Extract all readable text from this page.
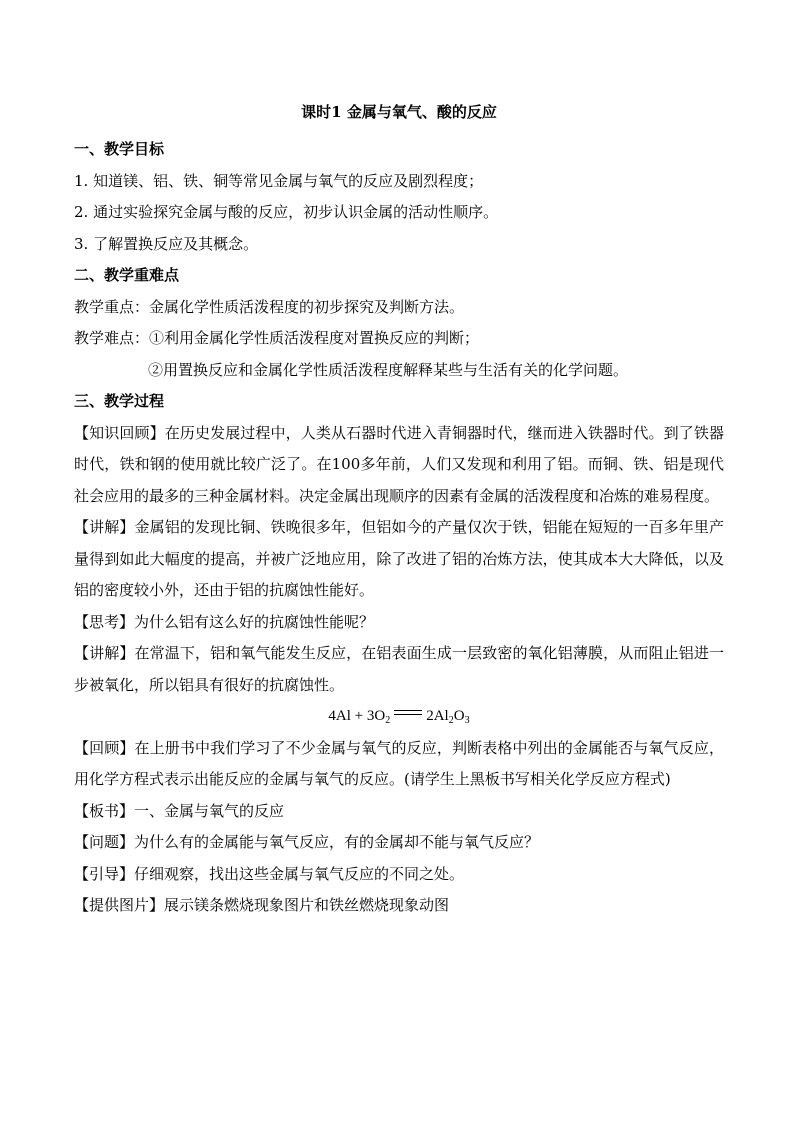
课时1 金属与氧气、酸的反应
一、教学目标
1. 知道镁、铝、铁、铜等常见金属与氧气的反应及剧烈程度；
2. 通过实验探究金属与酸的反应，初步认识金属的活动性顺序。
3. 了解置换反应及其概念。
二、教学重难点
教学重点：金属化学性质活泼程度的初步探究及判断方法。
教学难点：①利用金属化学性质活泼程度对置换反应的判断；
②用置换反应和金属化学性质活泼程度解释某些与生活有关的化学问题。
三、教学过程
【知识回顾】在历史发展过程中，人类从石器时代进入青铜器时代，继而进入铁器时代。到了铁器时代，铁和钢的使用就比较广泛了。在100多年前，人们又发现和利用了铝。而铜、铁、铝是现代社会应用的最多的三种金属材料。决定金属出现顺序的因素有金属的活泼程度和冶炼的难易程度。
【讲解】金属铝的发现比铜、铁晚很多年，但铝如今的产量仅次于铁，铝能在短短的一百多年里产量得到如此大幅度的提高，并被广泛地应用，除了改进了铝的冶炼方法，使其成本大大降低，以及铝的密度较小外，还由于铝的抗腐蚀性能好。
【思考】为什么铝有这么好的抗腐蚀性能呢？
【讲解】在常温下，铝和氧气能发生反应，在铝表面生成一层致密的氧化铝薄膜，从而阻止铝进一步被氧化，所以铝具有很好的抗腐蚀性。
$4Al + 3O_2$ $2Al_2O_3$
【回顾】在上册书中我们学习了不少金属与氧气的反应，判断表格中列出的金属能否与氧气反应，用化学方程式表示出能反应的金属与氧气的反应。(请学生上黑板书写相关化学反应方程式)
【板书】一、金属与氧气的反应
【问题】为什么有的金属能与氧气反应，有的金属却不能与氧气反应？
【引导】仔细观察，找出这些金属与氧气反应的不同之处。
【提供图片】展示镁条燃烧现象图片和铁丝燃烧现象动图
